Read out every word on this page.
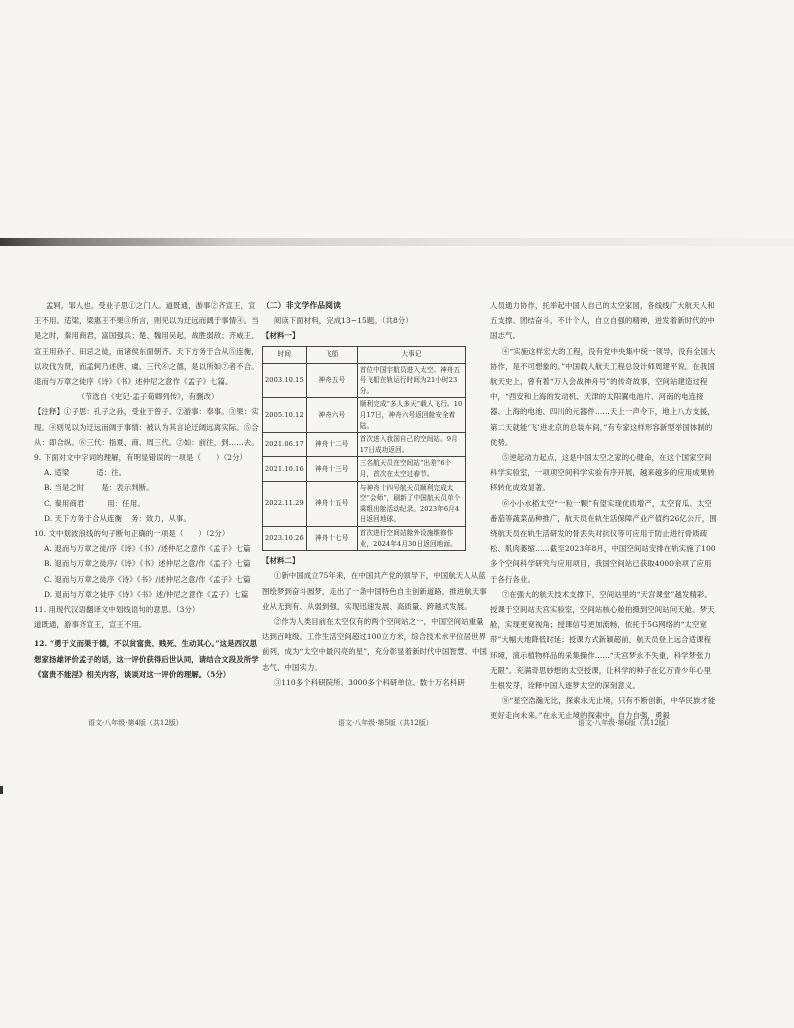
孟轲，邹人也。受业子思①之门人。道既通，游事②齐宣王，宣王不用。适梁，梁惠王不果③所言，则见以为迂远而阔于事情④。当是之时，秦用商君，富国强兵；楚、魏用吴起，战胜弱敌；齐威王、宣王用孙子、田忌之徒，而诸侯东面朝齐。天下方务于合从⑤连衡，以攻伐为贤，而孟轲乃述唐、虞、三代⑥之德，是以所如⑦者不合。退而与万章之徒序《诗》《书》述仲尼之意作《孟子》七篇。

（节选自《史记·孟子荀卿列传》，有删改）

【注释】①子思：孔子之孙，受业于曾子。②游事：奉事。③果：实现。④则见以为迂远而阔于事情：被认为其言论迂阔远离实际。⑤合从：即合纵。⑥三代：指夏、商、周三代。⑦如：前往，到……去。

9. 下面对文中字词的理解，有明显错误的一项是（　　）（2分）

A. 适梁	适：往。

B. 当是之时 是：表示判断。

C. 秦用商君	用：任用。

D. 天下方务于合从连衡 务：致力，从事。

10. 文中划波浪线的句子断句正确的一项是（　　）（2分）

A. 退而与万章之徒/序《诗》《书》/述仲尼之意作《孟子》七篇

B. 退而与万章之徒序/《诗》《书》述仲尼之意/作《孟子》七篇

C. 退而与万章之徒序《诗》《书》/述仲尼之意/作《孟子》七篇

D. 退而与万章之徒序《诗》《书》述/仲尼之意作《孟子》七篇

11. 用现代汉语翻译文中划线语句的意思。（3分）

道既通，游事齐宣王，宣王不用。

12. “勇于义而果于德，不以贫富贵、贱死、生动其心。”这是西汉思想家扬雄评价孟子的话，这一评价获得后世认同，请结合文段及所学《富贵不能淫》相关内容，谈谈对这一评价的理解。（5分）

（二）非文学作品阅读

阅读下面材料，完成13~15题。（共8分）

【材料一】

时间	飞船	大事记
2003.10.15	神舟五号	首位中国宇航员进入太空。神舟五号飞船在轨运行时间为21小时23分。
2005.10.12	神舟六号	顺利完成“多人多天”载人飞行。10月17日，神舟六号返回舱安全着陆。
2021.06.17	神舟十二号	首次进入我国自己的空间站。9月17日成功返回。
2021.10.16	神舟十三号	三名航天员在空间站“出差”6个月，首次在太空过春节。
2022.11.29	神舟十五号	与神舟十四号航天员顺利完成太空“会师”，刷新了中国航天员单个乘组出舱活动纪录。2023年6月4日返回地球。
2023.10.26	神舟十七号	首次进行空间站舱外设施维修作业，2024年4月30日返回地面。

【材料二】

①新中国成立75年来，在中国共产党的领导下，中国航天人从蓝图绘梦到奋斗圆梦，走出了一条中国特色自主创新道路，推进航天事业从无到有、从弱到强，实现迅速发展、高质量、跨越式发展。

②作为人类目前在太空仅有的两个空间站之一，中国空间站重量达到百吨级。工作生活空间超过100立方米，综合技术水平位居世界前列，成为“太空中最闪亮的星”，充分彰显着新时代中国智慧、中国志气、中国实力。

③110多个科研院所、3000多个科研单位、数十万名科研

人员通力协作，托举起中国人自己的太空家园，各线线广大航天人和五支撑、团结奋斗、不计个人，自立自强的精神，迸发着新时代的中国志气。

④“实施这样宏大的工程，没有党中央集中统一领导，没有全国大协作，是不可想象的。”中国载人航天工程总设计师周建平说。在我国航天史上，曾有着“万人会战神舟号”的传奇故事，空间站建造过程中，“西安和上海的发动机、天津的太阳翼电池片、河南的电连接器、上海的电池、四川的元器件……天上一声令下，地上八方支援，第二天就能‘飞’进北京的总装车间，”有专家这样形容新型举国体制的优势。

⑤逆起动力起点，这是中国太空之家的心健命，在这个国家空间科学实验室，一项项空间科学实验有序开展，越来越多的应用成果转移转化成效显著。

⑥小小水稻太空“一粒一颗”有望实现优质增产，太空育瓜、太空番茄等蔬菜品种推广，航天员在轨生活保障产业产值约26亿公斤，围绕航天员在轨生活研发的骨丢失对抗仪等可应用于防止进行骨质疏松、肌肉萎缩……截至2023年8月，中国空间站安排在轨实施了100多个空间科学研究与应用项目，我国空间站已获取4000余项了应用于各行各业。

⑦在强大的航天技术支撑下，空间站里的“天宫课堂”越发精彩。授课于空间站天宫实验室，空间站核心舱拍摄到空间站问天舱、梦天舱，实现更宽视角；授课信号更加流畅，依托于5G网络的“太空宽带”大幅大地降低时延；授课方式新颖超前，航天员登上远合适课程环境，演示植物样品的采集操作……“天宫梦永不失重，科学梦张力无限”。充满奇思妙想的太空授课，让科学的种子在亿万青少年心里生根发芽，诠释中国人逐梦太空的深刻意义。

⑧“星空浩瀚无比，探索永无止境，只有不断创新，中华民族才能更好走向未来。”在永无止境的探索中，自力自强，勇毅

语文·八年级·第4版（共12版）	语文·八年级·第5版（共12版）	语文·八年级·第6版（共12版）
